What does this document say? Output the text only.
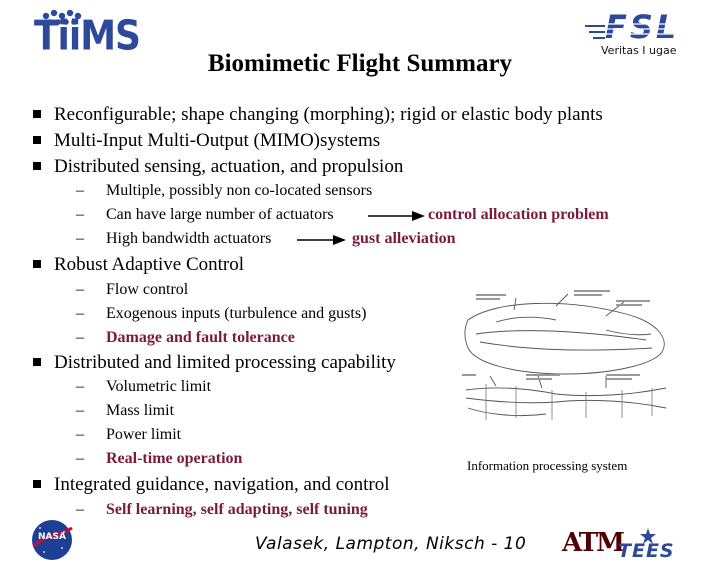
TiiMS	FSL
Veritas I ugae
Biomimetic Flight Summary
Reconfigurable; shape changing (morphing); rigid or elastic body plants
Multi-Input Multi-Output (MIMO)systems
Distributed sensing, actuation, and propulsion
– Multiple, possibly non co-located sensors
– Can have large number of actuators	control allocation problem
– High bandwidth actuators	gust alleviation
Robust Adaptive Control
– Flow control
– Exogenous inputs (turbulence and gusts)
– Damage and fault tolerance
Distributed and limited processing capability
– Volumetric limit
– Mass limit
– Power limit
– Real-time operation
Integrated guidance, navigation, and control
– Self learning, self adapting, self tuning
Information processing system
NASA	Valasek, Lampton, Niksch - 10 ATM
TEES
